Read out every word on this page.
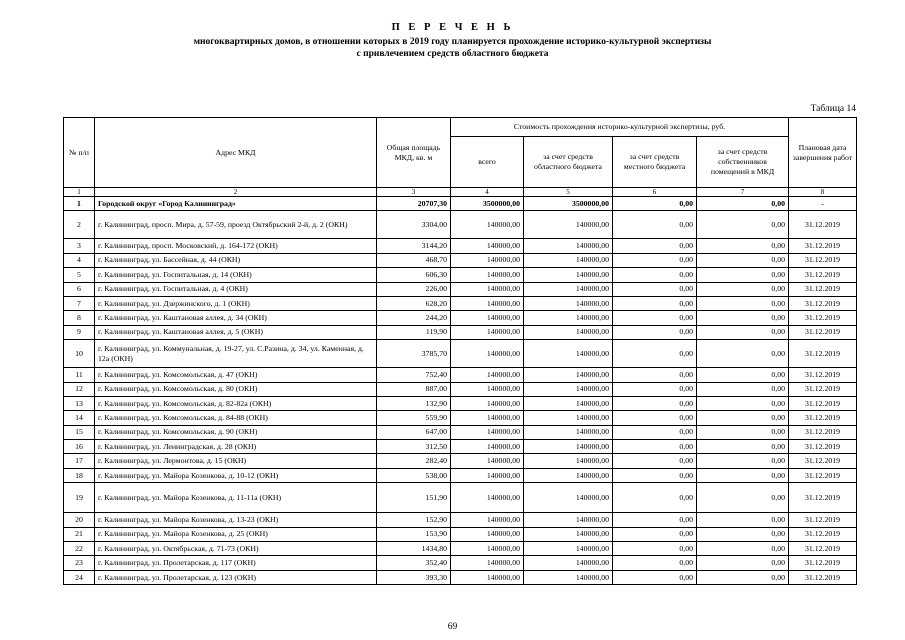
П Е Р Е Ч Е Н Ь
многоквартирных домов, в отношении которых в 2019 году планируется прохождение историко-культурной экспертизы
с привлечением средств областного бюджета
Таблица 14
№ п/п	Адрес МКД	Общая площадь МКД, кв. м	Стоимость прохождения историко-культурной экспертизы, руб.				Плановая дата завершения работ
			всего	за счет средств областного бюджета	за счет средств местного бюджета	за счет средств собственников помещений в МКД	
1	2	3	4	5	6	7	8
1	Городской округ «Город Калининград»	20707,30	3500000,00	3500000,00	0,00	0,00	-
2	г. Калининград, просп. Мира, д. 57-59, проезд Октябрьский 2-й, д. 2 (ОКН)	3304,00	140000,00	140000,00	0,00	0,00	31.12.2019
3	г. Калининград, просп. Московский, д. 164-172 (ОКН)	3144,20	140000,00	140000,00	0,00	0,00	31.12.2019
4	г. Калининград, ул. Бассейная, д. 44 (ОКН)	468,70	140000,00	140000,00	0,00	0,00	31.12.2019
5	г. Калининград, ул. Госпитальная, д. 14 (ОКН)	606,30	140000,00	140000,00	0,00	0,00	31.12.2019
6	г. Калининград, ул. Госпитальная, д. 4 (ОКН)	226,00	140000,00	140000,00	0,00	0,00	31.12.2019
7	г. Калининград, ул. Дзержинского, д. 1 (ОКН)	628,20	140000,00	140000,00	0,00	0,00	31.12.2019
8	г. Калининград, ул. Каштановая аллея, д. 34 (ОКН)	244,20	140000,00	140000,00	0,00	0,00	31.12.2019
9	г. Калининград, ул. Каштановая аллея, д. 5 (ОКН)	119,90	140000,00	140000,00	0,00	0,00	31.12.2019
10	г. Калининград, ул. Коммунальная, д. 19-27, ул. С.Разина, д. 34, ул. Каменная, д. 12а (ОКН)	3785,70	140000,00	140000,00	0,00	0,00	31.12.2019
11	г. Калининград, ул. Комсомольская, д. 47 (ОКН)	752,40	140000,00	140000,00	0,00	0,00	31.12.2019
12	г. Калининград, ул. Комсомольская, д. 80 (ОКН)	887,00	140000,00	140000,00	0,00	0,00	31.12.2019
13	г. Калининград, ул. Комсомольская, д. 82-82а (ОКН)	132,90	140000,00	140000,00	0,00	0,00	31.12.2019
14	г. Калининград, ул. Комсомольская, д. 84-88 (ОКН)	559,90	140000,00	140000,00	0,00	0,00	31.12.2019
15	г. Калининград, ул. Комсомольская, д. 90 (ОКН)	647,00	140000,00	140000,00	0,00	0,00	31.12.2019
16	г. Калининград, ул. Ленинградская, д. 28 (ОКН)	312,50	140000,00	140000,00	0,00	0,00	31.12.2019
17	г. Калининград, ул. Лермонтова, д. 15 (ОКН)	282,40	140000,00	140000,00	0,00	0,00	31.12.2019
18	г. Калининград, ул. Майора Козенкова, д. 10-12 (ОКН)	538,00	140000,00	140000,00	0,00	0,00	31.12.2019
19	г. Калининград, ул. Майора Козенкова, д. 11-11а (ОКН)	151,90	140000,00	140000,00	0,00	0,00	31.12.2019
20	г. Калининград, ул. Майора Козенкова, д. 13-23 (ОКН)	152,90	140000,00	140000,00	0,00	0,00	31.12.2019
21	г. Калининград, ул. Майора Козенкова, д. 25 (ОКН)	153,90	140000,00	140000,00	0,00	0,00	31.12.2019
22	г. Калининград, ул. Октябрьская, д. 71-73 (ОКН)	1434,80	140000,00	140000,00	0,00	0,00	31.12.2019
23	г. Калининград, ул. Пролетарская, д. 117 (ОКН)	352,40	140000,00	140000,00	0,00	0,00	31.12.2019
24	г. Калининград, ул. Пролетарская, д. 123 (ОКН)	393,30	140000,00	140000,00	0,00	0,00	31.12.2019
69
